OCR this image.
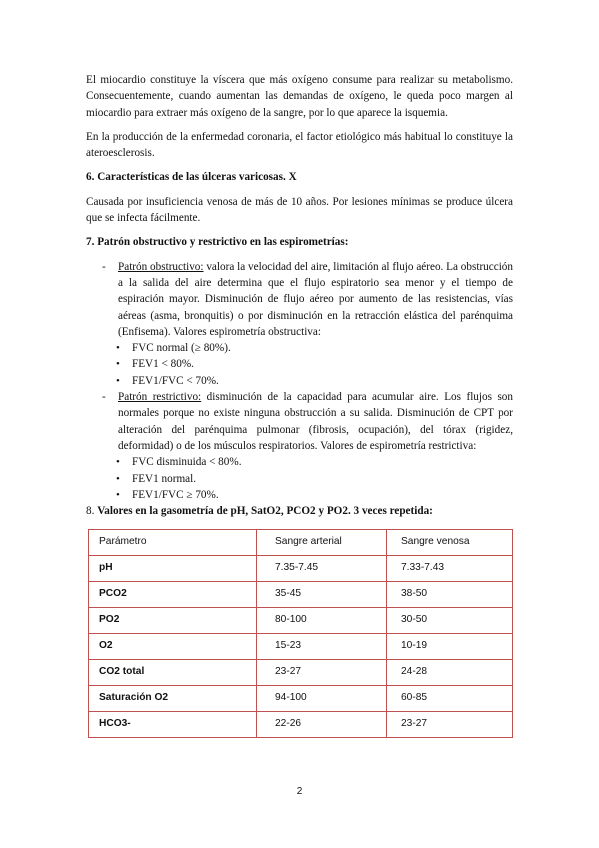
El miocardio constituye la víscera que más oxígeno consume para realizar su metabolismo. Consecuentemente, cuando aumentan las demandas de oxígeno, le queda poco margen al miocardio para extraer más oxígeno de la sangre, por lo que aparece la isquemia.

En la producción de la enfermedad coronaria, el factor etiológico más habitual lo constituye la ateroesclerosis.

6. Características de las úlceras varicosas. X

Causada por insuficiencia venosa de más de 10 años. Por lesiones mínimas se produce úlcera que se infecta fácilmente.

7. Patrón obstructivo y restrictivo en las espirometrías:

- Patrón obstructivo: valora la velocidad del aire, limitación al flujo aéreo. La obstrucción a la salida del aire determina que el flujo espiratorio sea menor y el tiempo de espiración mayor. Disminución de flujo aéreo por aumento de las resistencias, vías aéreas (asma, bronquitis) o por disminución en la retracción elástica del parénquima (Enfisema). Valores espirometría obstructiva:

• FVC normal (≥ 80%).
• FEV1 < 80%.
• FEV1/FVC < 70%.

- Patrón restrictivo: disminución de la capacidad para acumular aire. Los flujos son normales porque no existe ninguna obstrucción a su salida. Disminución de CPT por alteración del parénquima pulmonar (fibrosis, ocupación), del tórax (rigidez, deformidad) o de los músculos respiratorios. Valores de espirometría restrictiva:

• FVC disminuida < 80%.
• FEV1 normal.
• FEV1/FVC ≥ 70%.
8. Valores en la gasometría de pH, SatO2, PCO2 y PO2. 3 veces repetida:
Parámetro	Sangre arterial	Sangre venosa
pH	7.35-7.45	7.33-7.43
PCO2	35-45	38-50
PO2	80-100	30-50
O2	15-23	10-19
CO2 total	23-27	24-28
Saturación O2	94-100	60-85
HCO3-	22-26	23-27
2
